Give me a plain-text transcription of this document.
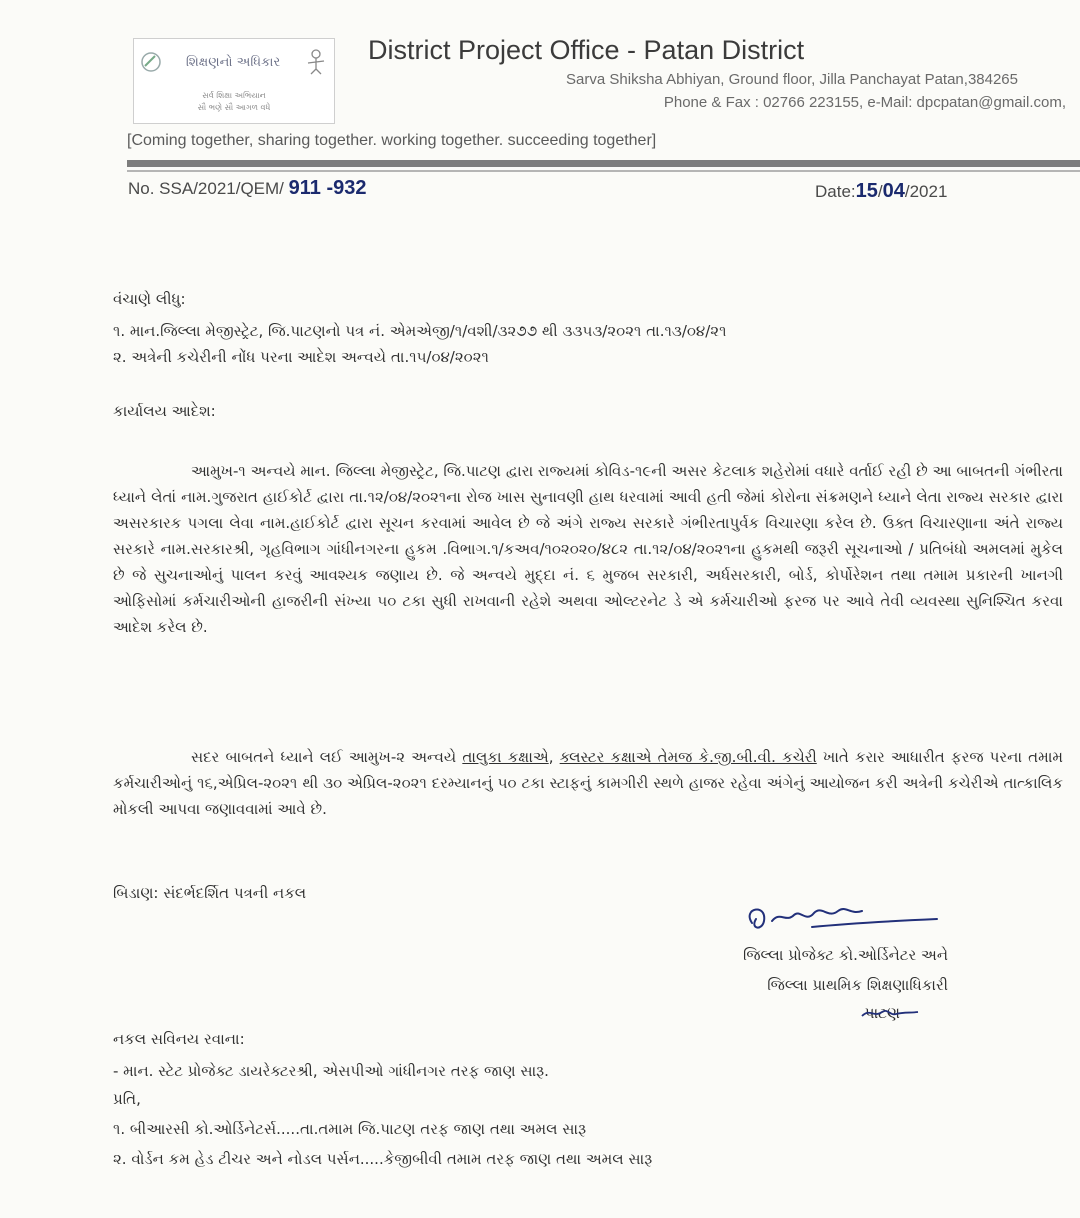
શિક્ષણનો અધિકાર
સર્વ શિક્ષા અભિયાન
સૌ ભણે સૌ આગળ વધે
District Project Office - Patan District
Sarva Shiksha Abhiyan, Ground floor, Jilla Panchayat Patan,384265
Phone & Fax : 02766 223155, e-Mail: dpcpatan@gmail.com,
[Coming together, sharing together. working together. succeeding together]
No. SSA/2021/QEM/ 911 -932	Date:15/04/2021
વંચાણે લીધુ:
૧. માન.જિલ્લા મેજીસ્ટ્રેટ, જિ.પાટણનો પત્ર નં. એમએજી/૧/વશી/૩૨૭૭ થી ૩૩૫૩/૨૦૨૧ તા.૧૩/૦૪/૨૧
૨. અત્રેની કચેરીની નોંધ પરના આદેશ અન્વયે તા.૧૫/૦૪/૨૦૨૧
કાર્યાલય આદેશ:

આમુખ-૧ અન્વયે માન. જિલ્લા મેજીસ્ટ્રેટ, જિ.પાટણ દ્વારા રાજ્યમાં કોવિડ-૧૯ની અસર કેટલાક શહેરોમાં વધારે વર્તાઈ રહી છે આ બાબતની ગંભીરતા ધ્યાને લેતાં નામ.ગુજરાત હાઈકોર્ટ દ્વારા તા.૧૨/૦૪/૨૦૨૧ના રોજ ખાસ સુનાવણી હાથ ધરવામાં આવી હતી જેમાં કોરોના સંક્રમણને ધ્યાને લેતા રાજ્ય સરકાર દ્વારા અસરકારક પગલા લેવા નામ.હાઈકોર્ટ દ્વારા સૂચન કરવામાં આવેલ છે જે અંગે રાજ્ય સરકારે ગંભીરતાપુર્વક વિચારણા કરેલ છે. ઉક્ત વિચારણાના અંતે રાજ્ય સરકારે નામ.સરકારશ્રી, ગૃહવિભાગ ગાંધીનગરના હુકમ .વિભાગ.૧/કઅવ/૧૦૨૦૨૦/૪૮૨ તા.૧૨/૦૪/૨૦૨૧ના હુકમથી જરૂરી સૂચનાઓ / પ્રતિબંધો અમલમાં મુકેલ છે જે સુચનાઓનું પાલન કરવું આવશ્યક જણાય છે. જે અન્વયે મુદ્દા નં. ૬ મુજબ સરકારી, અર્ધસરકારી, બોર્ડ, કોર્પોરેશન તથા તમામ પ્રકારની ખાનગી ઓફિસોમાં કર્મચારીઓની હાજરીની સંખ્યા ૫૦ ટકા સુધી રાખવાની રહેશે અથવા ઓલ્ટરનેટ ડે એ કર્મચારીઓ ફરજ પર આવે તેવી વ્યવસ્થા સુનિશ્ચિત કરવા આદેશ કરેલ છે.

સદર બાબતને ધ્યાને લઈ આમુખ-૨ અન્વયે તાલુકા કક્ષાએ, ક્લસ્ટર કક્ષાએ તેમજ કે.જી.બી.વી. કચેરી ખાતે કરાર આધારીત ફરજ પરના તમામ કર્મચારીઓનું ૧૬,એપ્રિલ-૨૦૨૧ થી ૩૦ એપ્રિલ-૨૦૨૧ દરમ્યાનનું ૫૦ ટકા સ્ટાફનું કામગીરી સ્થળે હાજર રહેવા અંગેનું આયોજન કરી અત્રેની કચેરીએ તાત્કાલિક મોકલી આપવા જણાવવામાં આવે છે.

બિડાણ: સંદર્ભદર્શિત પત્રની નકલ
જિલ્લા પ્રોજેક્ટ કો.ઓર્ડિનેટર અને
જિલ્લા પ્રાથમિક શિક્ષણાધિકારી
પાટણ
નકલ સવિનય રવાના:
- માન. સ્ટેટ પ્રોજેક્ટ ડાયરેક્ટરશ્રી, એસપીઓ ગાંધીનગર તરફ જાણ સારૂ.
પ્રતિ,
૧. બીઆરસી કો.ઓર્ડિનેટર્સ.....તા.તમામ જિ.પાટણ તરફ જાણ તથા અમલ સારૂ
૨. વોર્ડન કમ હેડ ટીચર અને નોડલ પર્સન.....કેજીબીવી તમામ તરફ જાણ તથા અમલ સારૂ
